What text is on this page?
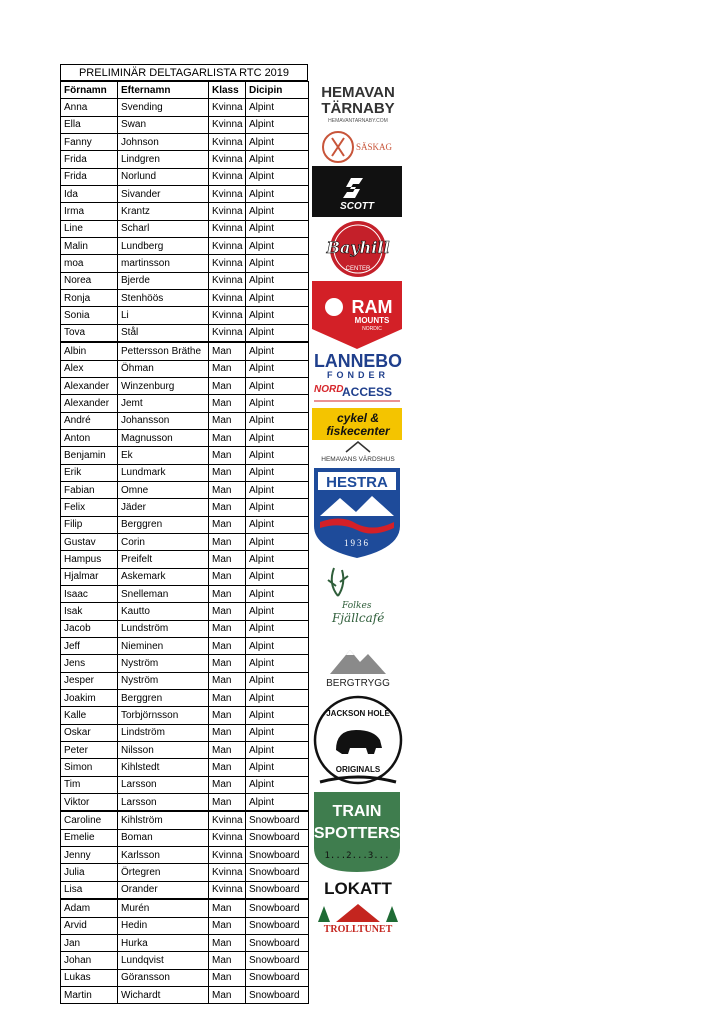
PRELIMINÄR DELTAGARLISTA RTC 2019
Förnamn	Efternamn	Klass	Dicipin
Anna	Svending	Kvinna	Alpint
Ella	Swan	Kvinna	Alpint
Fanny	Johnson	Kvinna	Alpint
Frida	Lindgren	Kvinna	Alpint
Frida	Norlund	Kvinna	Alpint
Ida	Sivander	Kvinna	Alpint
Irma	Krantz	Kvinna	Alpint
Line	Scharl	Kvinna	Alpint
Malin	Lundberg	Kvinna	Alpint
moa	martinsson	Kvinna	Alpint
Norea	Bjerde	Kvinna	Alpint
Ronja	Stenhöös	Kvinna	Alpint
Sonia	Li	Kvinna	Alpint
Tova	Stål	Kvinna	Alpint
Albin	Pettersson Bräthe	Man	Alpint
Alex	Öhman	Man	Alpint
Alexander	Winzenburg	Man	Alpint
Alexander	Jemt	Man	Alpint
André	Johansson	Man	Alpint
Anton	Magnusson	Man	Alpint
Benjamin	Ek	Man	Alpint
Erik	Lundmark	Man	Alpint
Fabian	Omne	Man	Alpint
Felix	Jäder	Man	Alpint
Filip	Berggren	Man	Alpint
Gustav	Corin	Man	Alpint
Hampus	Preifelt	Man	Alpint
Hjalmar	Askemark	Man	Alpint
Isaac	Snelleman	Man	Alpint
Isak	Kautto	Man	Alpint
Jacob	Lundström	Man	Alpint
Jeff	Nieminen	Man	Alpint
Jens	Nyström	Man	Alpint
Jesper	Nyström	Man	Alpint
Joakim	Berggren	Man	Alpint
Kalle	Torbjörnsson	Man	Alpint
Oskar	Lindström	Man	Alpint
Peter	Nilsson	Man	Alpint
Simon	Kihlstedt	Man	Alpint
Tim	Larsson	Man	Alpint
Viktor	Larsson	Man	Alpint
Caroline	Kihlström	Kvinna	Snowboard
Emelie	Boman	Kvinna	Snowboard
Jenny	Karlsson	Kvinna	Snowboard
Julia	Örtegren	Kvinna	Snowboard
Lisa	Orander	Kvinna	Snowboard
Adam	Murén	Man	Snowboard
Arvid	Hedin	Man	Snowboard
Jan	Hurka	Man	Snowboard
Johan	Lundqvist	Man	Snowboard
Lukas	Göransson	Man	Snowboard
Martin	Wichardt	Man	Snowboard
HEMAVAN
TÄRNABY
HEMAVANTARNABY.COM
SÄSKAG
SCOTT
Bayhill
CENTER
RAM
MOUNTS
NORDIC
LANNEBO
FONDER
NORD
ACCESS
cykel &
fiskecenter
HEMAVANS VÄRDSHUS
HESTRA
1936
Folkes
Fjällcafé
BERGTRYGG
JACKSON HOLE
ORIGINALS
TRAIN
SPOTTERS
1...2...3...
LOKATT
TROLLTUNET
